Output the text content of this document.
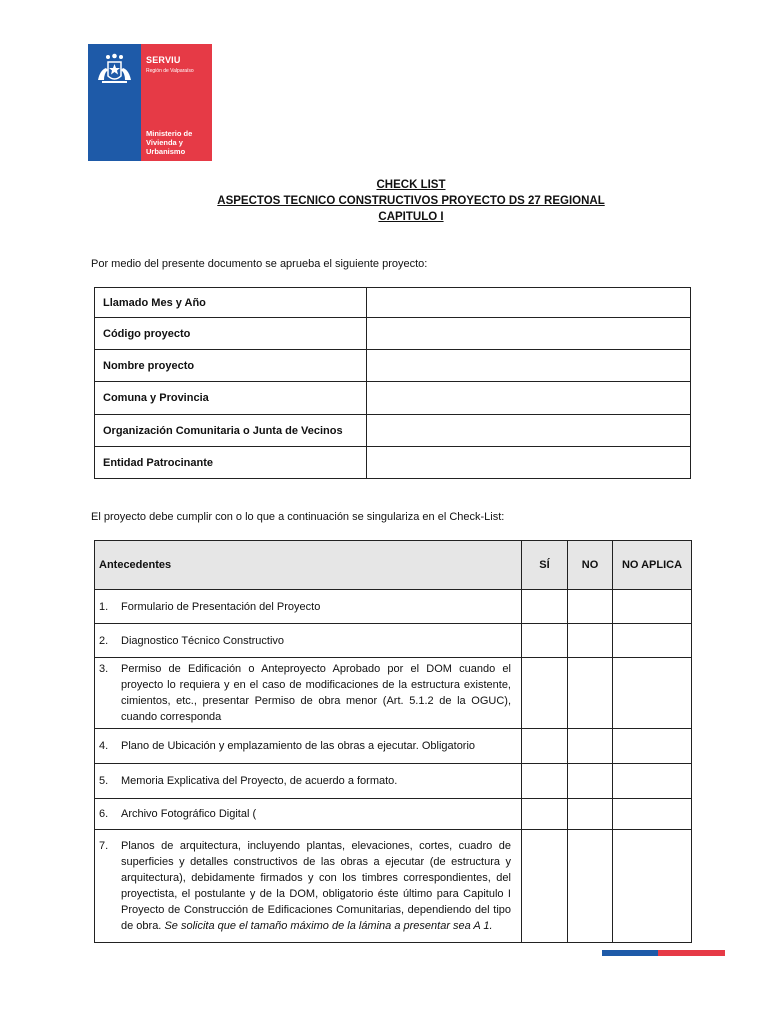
SERVIU
Región de Valparaíso
Ministerio de
Vivienda y
Urbanismo
CHECK LIST
ASPECTOS TECNICO CONSTRUCTIVOS PROYECTO DS 27 REGIONAL
CAPITULO I
Por medio del presente documento se aprueba el siguiente proyecto:
Llamado Mes y Año	
Código proyecto	
Nombre proyecto	
Comuna y Provincia	
Organización Comunitaria o Junta de Vecinos	
Entidad Patrocinante	
El proyecto debe cumplir con o lo que a continuación se singulariza en el Check-List:
Antecedentes	SÍ	NO	NO APLICA

1. Formulario de Presentación del Proyecto			

2. Diagnostico Técnico Constructivo			

3. Permiso de Edificación o Anteproyecto Aprobado por el DOM cuando el proyecto lo requiera y en el caso de modificaciones de la estructura existente, cimientos, etc., presentar Permiso de obra menor (Art. 5.1.2 de la OGUC), cuando corresponda			

4. Plano de Ubicación y emplazamiento de las obras a ejecutar. Obligatorio			

5. Memoria Explicativa del Proyecto, de acuerdo a formato.			

6. Archivo Fotográfico Digital (			

7. Planos de arquitectura, incluyendo plantas, elevaciones, cortes, cuadro de superficies y detalles constructivos de las obras a ejecutar (de estructura y arquitectura), debidamente firmados y con los timbres correspondientes, del proyectista, el postulante y de la DOM, obligatorio éste último para Capitulo I Proyecto de Construcción de Edificaciones Comunitarias, dependiendo del tipo de obra. Se solicita que el tamaño máximo de la lámina a presentar sea A 1.			
